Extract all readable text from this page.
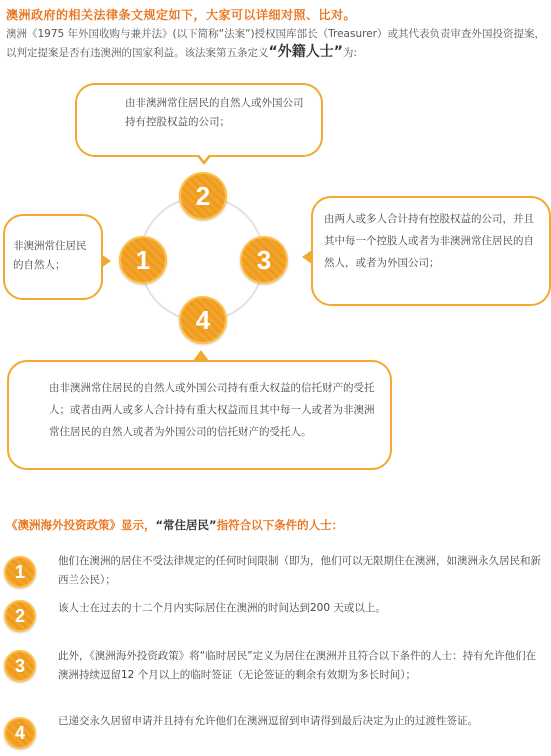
澳洲政府的相关法律条文规定如下，大家可以详细对照、比对。
澳洲《1975 年外国收购与兼并法》(以下简称“法案”)授权国库部长（Treasurer）或其代表负责审查外国投资提案，以判定提案是否有违澳洲的国家利益。该法案第五条定义“外籍人士”为:
由非澳洲常住居民的自然人或外国公司持有控股权益的公司；
非澳洲常住居民的自然人；
由两人或多人合计持有控股权益的公司，并且其中每一个控股人或者为非澳洲常住居民的自然人，或者为外国公司；
由非澳洲常住居民的自然人或外国公司持有重大权益的信托财产的受托人；或者由两人或多人合计持有重大权益而且其中每一人或者为非澳洲常住居民的自然人或者为外国公司的信托财产的受托人。
1
2
3
4
《澳洲海外投资政策》显示，“常住居民”指符合以下条件的人士：
1
他们在澳洲的居住不受法律规定的任何时间限制（即为，他们可以无限期住在澳洲，如澳洲永久居民和新西兰公民）；
2	该人士在过去的十二个月内实际居住在澳洲的时间达到200 天或以上。
3	此外，《澳洲海外投资政策》将“临时居民”定义为居住在澳洲并且符合以下条件的人士：持有允许他们在澳洲持续逗留12 个月以上的临时签证（无论签证的剩余有效期为多长时间）；
4
已递交永久居留申请并且持有允许他们在澳洲逗留到申请得到最后决定为止的过渡性签证。
